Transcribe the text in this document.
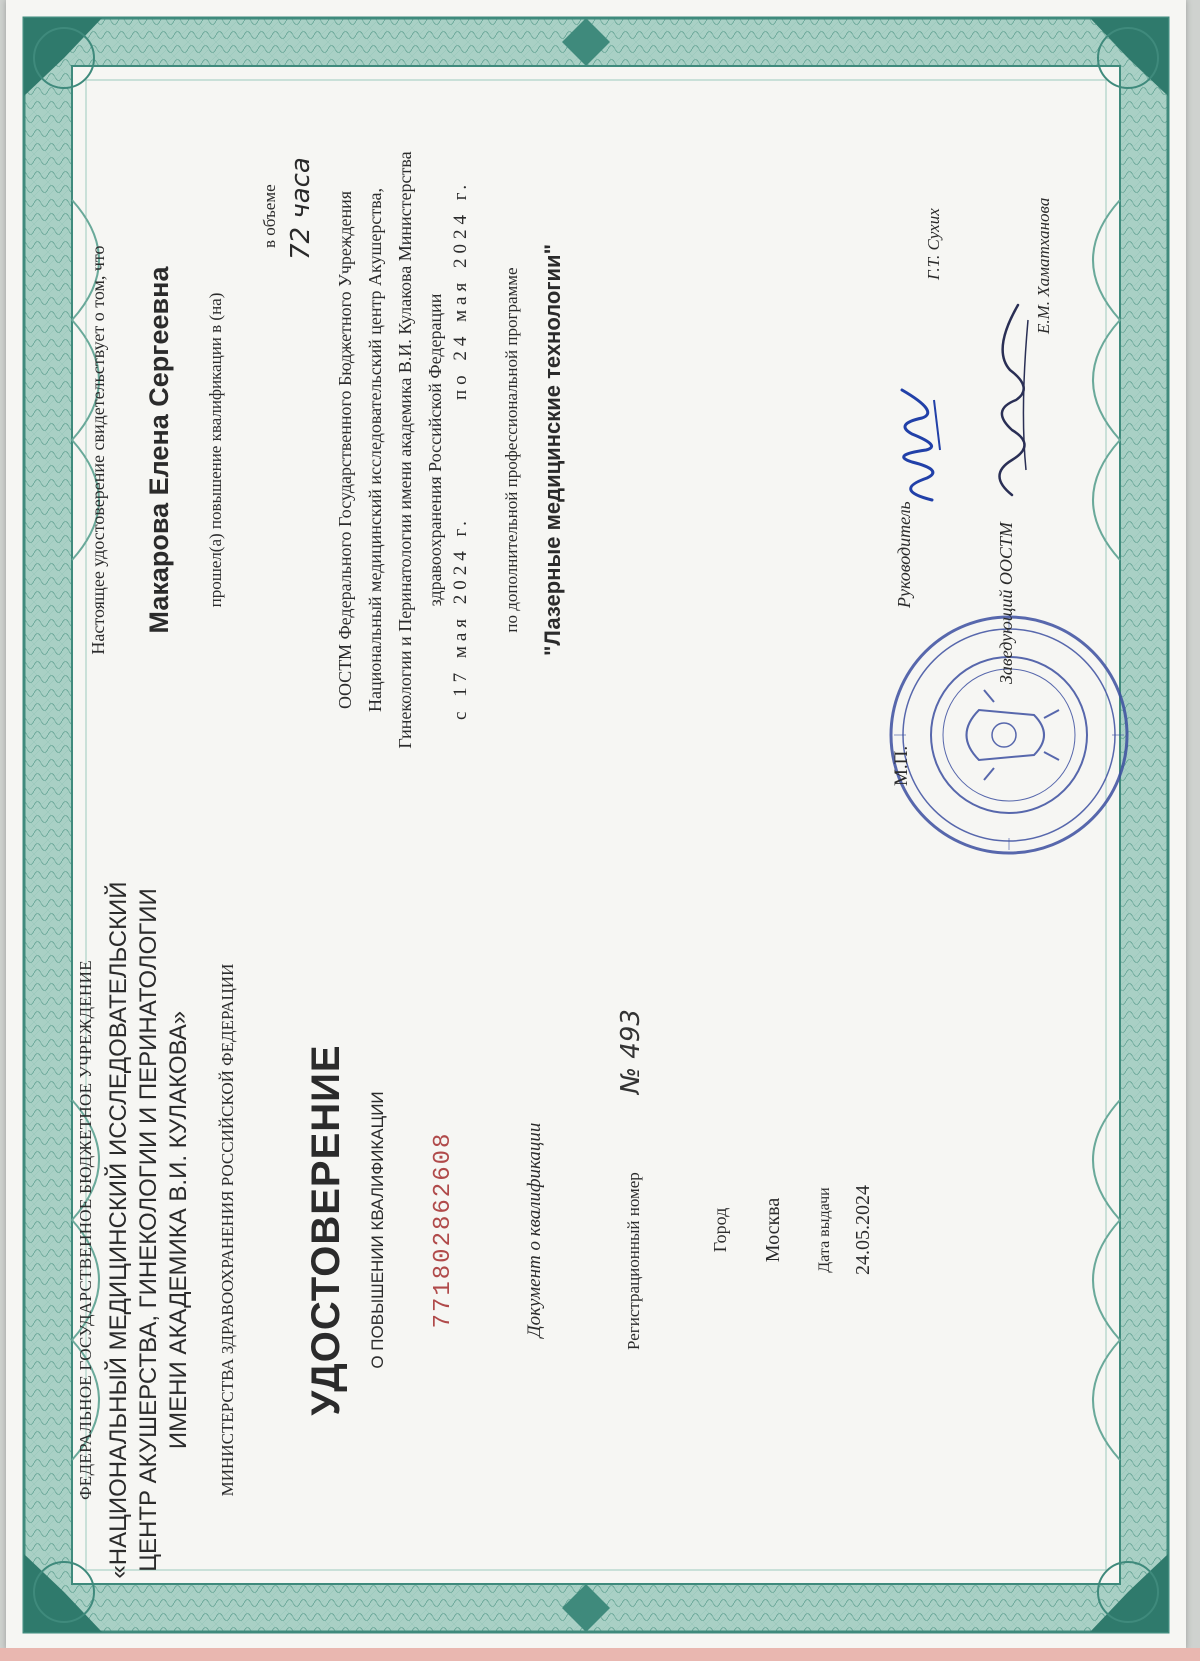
ФЕДЕРАЛЬНОЕ ГОСУДАРСТВЕННОЕ БЮДЖЕТНОЕ УЧРЕЖДЕНИЕ «НАЦИОНАЛЬНЫЙ МЕДИЦИНСКИЙ ИССЛЕДОВАТЕЛЬСКИЙ ЦЕНТР АКУШЕРСТВА, ГИНЕКОЛОГИИ И ПЕРИНАТОЛОГИИ ИМЕНИ АКАДЕМИКА В.И. КУЛАКОВА» МИНИСТЕРСТВА ЗДРАВООХРАНЕНИЯ РОССИЙСКОЙ ФЕДЕРАЦИИ УДОСТОВЕРЕНИЕ О ПОВЫШЕНИИ КВАЛИФИКАЦИИ 771802862608	Документ о квалификации	Регистрационный номер
№ 493
Город Москва Дата выдачи 24.05.2024
Настоящее удостоверение свидетельствует о том, что Макарова Елена Сергеевна прошел(а) повышение квалификации в (на)
в объеме 72 часа ООСТМ Федерального Государственного Бюджетного Учреждения Национальный медицинский исследовательский центр Акушерства, Гинекологии и Перинатологии имени академика В.И. Кулакова Министерства здравоохранения Российской Федерации
с 17 мая 2024 г.
по 24 мая 2024 г. по дополнительной профессиональной программе "Лазерные медицинские технологии"
М.П.
Руководитель
Г.Т. Сухих
Заведующий ООСТМ
Е.М. Хаматханова
